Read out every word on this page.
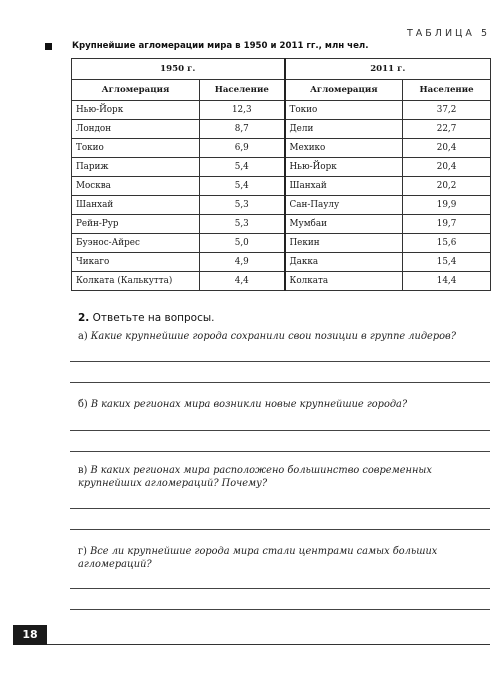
ТАБЛИЦА 5
Крупнейшие агломерации мира в 1950 и 2011 гг., млн чел.
1950 г.		2011 г.	
Агломерация	Население	Агломерация	Население
Нью-Йорк	12,3	Токио	37,2
Лондон	8,7	Дели	22,7
Токио	6,9	Мехико	20,4
Париж	5,4	Нью-Йорк	20,4
Москва	5,4	Шанхай	20,2
Шанхай	5,3	Сан-Паулу	19,9
Рейн-Рур	5,3	Мумбаи	19,7
Буэнос-Айрес	5,0	Пекин	15,6
Чикаго	4,9	Дакка	15,4
Колката (Калькутта)	4,4	Колката	14,4
2. Ответьте на вопросы.
а) Какие крупнейшие города сохранили свои позиции в группе лидеров?
б) В каких регионах мира возникли новые крупнейшие города?
в) В каких регионах мира расположено большинство современных крупнейших агломераций? Почему?
г) Все ли крупнейшие города мира стали центрами самых больших агломераций?
18
